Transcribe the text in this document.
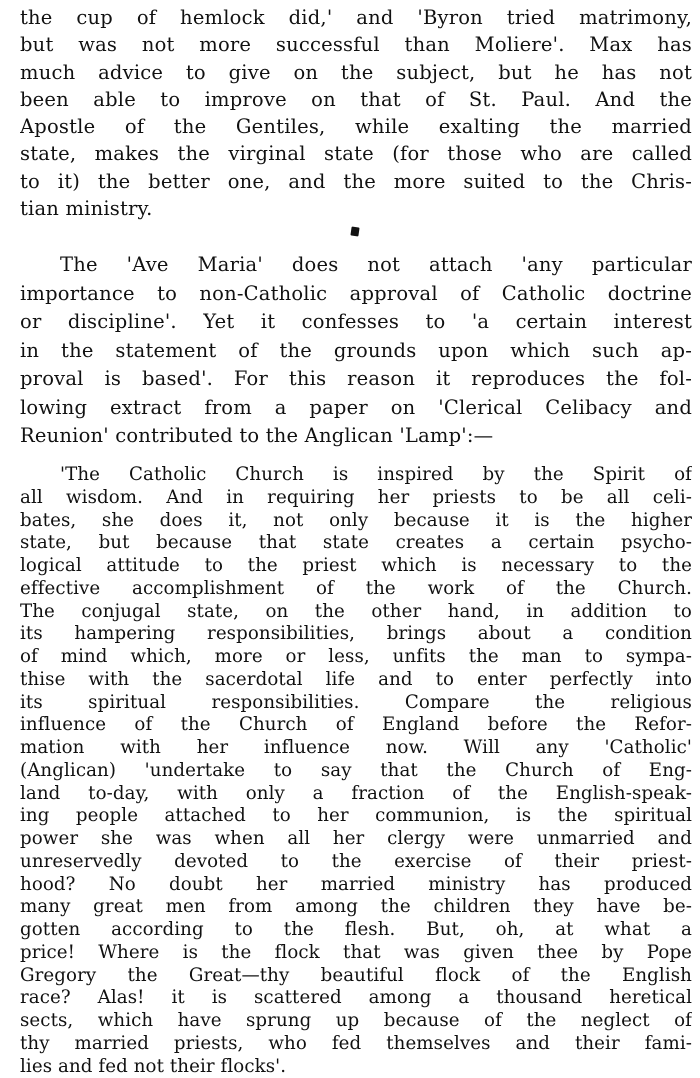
the cup of hemlock did,' and 'Byron tried matrimony,
but was not more successful than Moliere'. Max has
much advice to give on the subject, but he has not
been able to improve on that of St. Paul. And the
Apostle of the Gentiles, while exalting the married
state, makes the virginal state (for those who are called
to it) the better one, and the more suited to the Chris-
tian ministry.
The 'Ave Maria' does not attach 'any particular
importance to non-Catholic approval of Catholic doctrine
or discipline'. Yet it confesses to 'a certain interest
in the statement of the grounds upon which such ap-
proval is based'. For this reason it reproduces the fol-
lowing extract from a paper on 'Clerical Celibacy and
Reunion' contributed to the Anglican 'Lamp':—
'The Catholic Church is inspired by the Spirit of
all wisdom. And in requiring her priests to be all celi-
bates, she does it, not only because it is the higher
state, but because that state creates a certain psycho-
logical attitude to the priest which is necessary to the
effective accomplishment of the work of the Church.
The conjugal state, on the other hand, in addition to
its hampering responsibilities, brings about a condition
of mind which, more or less, unfits the man to sympa-
thise with the sacerdotal life and to enter perfectly into
its spiritual responsibilities. Compare the religious
influence of the Church of England before the Refor-
mation with her influence now. Will any 'Catholic'
(Anglican) 'undertake to say that the Church of Eng-
land to-day, with only a fraction of the English-speak-
ing people attached to her communion, is the spiritual
power she was when all her clergy were unmarried and
unreservedly devoted to the exercise of their priest-
hood? No doubt her married ministry has produced
many great men from among the children they have be-
gotten according to the flesh. But, oh, at what a
price! Where is the flock that was given thee by Pope
Gregory the Great—thy beautiful flock of the English
race? Alas! it is scattered among a thousand heretical
sects, which have sprung up because of the neglect of
thy married priests, who fed themselves and their fami-
lies and fed not their flocks'.
